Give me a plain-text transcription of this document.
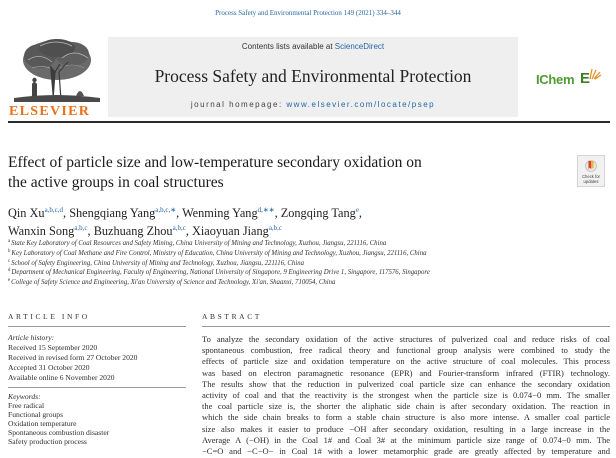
Process Safety and Environmental Protection 149 (2021) 334–344
ELSEVIER
Contents lists available at ScienceDirect
Process Safety and Environmental Protection
journal homepage: www.elsevier.com/locate/psep
IChem E
Effect of particle size and low-temperature secondary oxidation on
the active groups in coal structures	Check for
updates
Qin Xu$^{a,b,c,d}$, Shengqiang Yang$^{a,b,c,∗}$, Wenming Yang$^{d,∗∗}$, Zongqing Tang$^e$,
Wanxin Song$^{a,b,c}$, Buzhuang Zhou$^{a,b,c}$, Xiaoyuan Jiang$^{a,b,c}$
$^a$State Key Laboratory of Coal Resources and Safety Mining, China University of Mining and Technology, Xuzhou, Jiangsu, 221116, China
$^b$Key Laboratory of Coal Methane and Fire Control, Ministry of Education, China University of Mining and Technology, Xuzhou, Jiangsu, 221116, China
$^c$School of Safety Engineering, China University of Mining and Technology, Xuzhou, Jiangsu, 221116, China
$^d$Department of Mechanical Engineering, Faculty of Engineering, National University of Singapore, 9 Engineering Drive 1, Singapore, 117576, Singapore
$^e$College of Safety Science and Engineering, Xi'an University of Science and Technology, Xi'an, Shaanxi, 710054, China
ARTICLE INFO	ABSTRACT
Article history:
Received 15 September 2020
Received in revised form 27 October 2020
Accepted 31 October 2020
Available online 6 November 2020
Keywords:
Free radical
Functional groups
Oxidation temperature
Spontaneous combustion disaster
Safety production process
To analyze the secondary oxidation of the active structures of pulverized coal and reduce risks of coal
spontaneous combustion, free radical theory and functional group analysis were combined to study the
effects of particle size and oxidation temperature on the active structure of coal molecules. This process
was based on electron paramagnetic resonance (EPR) and Fourier-transform infrared (FTIR) technology.
The results show that the reduction in pulverized coal particle size can enhance the secondary oxidation
activity of coal and that the reactivity is the strongest when the particle size is 0.074−0 mm. The smaller
the coal particle size is, the shorter the aliphatic side chain is after secondary oxidation. The reaction in
which the side chain breaks to form a stable chain structure is also more intense. A smaller coal particle
size also makes it easier to produce −OH after secondary oxidation, resulting in a large increase in the
Average A (−OH) in the Coal 1# and Coal 3# at the minimum particle size range of 0.074−0 mm. The
−C=O and −C−O− in Coal 1# with a lower metamorphic grade are greatly affected by temperature and
